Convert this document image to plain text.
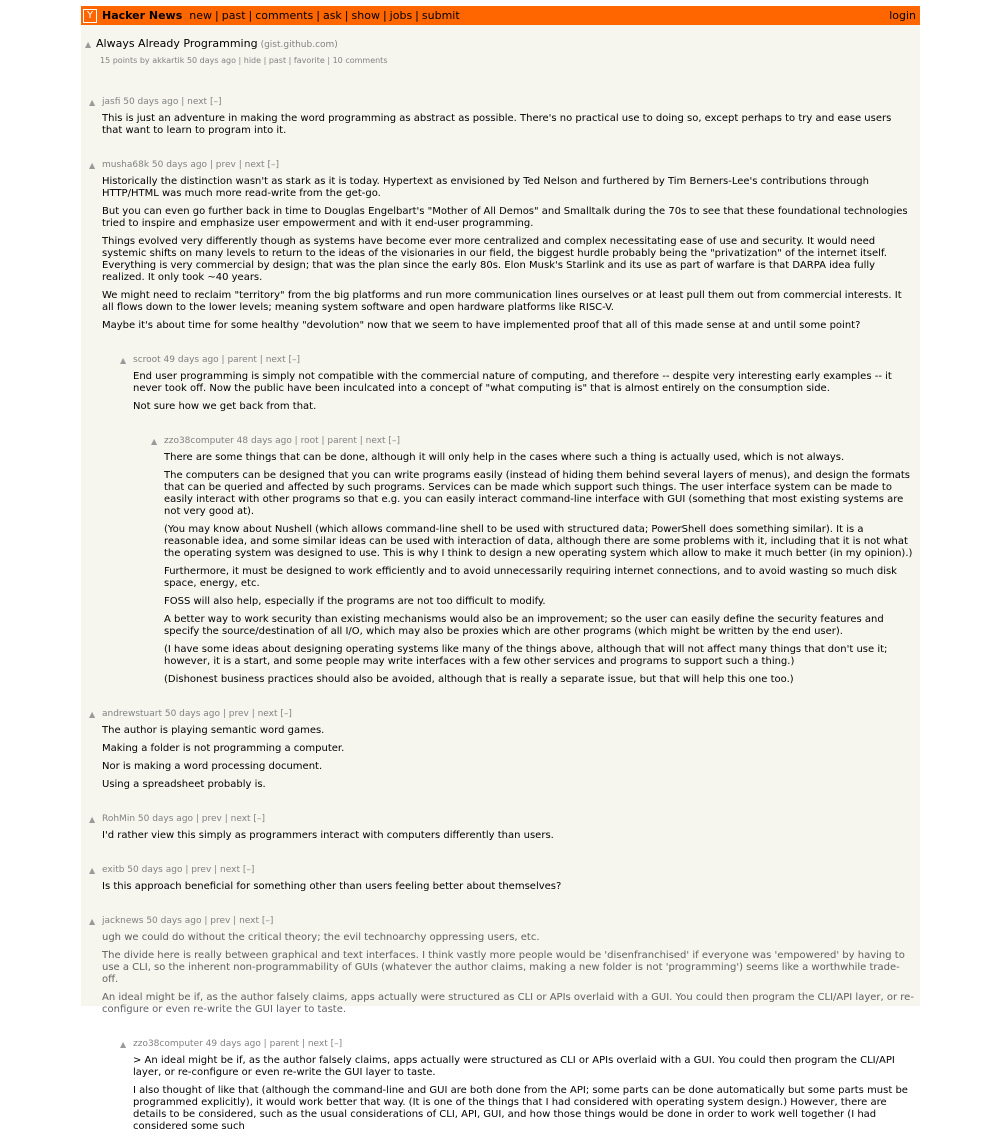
Y Hacker News new | past | comments | ask | show | jobs | submit	login
▲ Always Already Programming (gist.github.com)
15 points by akkartik 50 days ago | hide | past | favorite | 10 comments
▲ jasfi 50 days ago | next [–]

This is just an adventure in making the word programming as abstract as possible. There's no practical use to doing so, except perhaps to try and ease users that want to learn to program into it.

▲ musha68k 50 days ago | prev | next [–]

Historically the distinction wasn't as stark as it is today. Hypertext as envisioned by Ted Nelson and furthered by Tim Berners-Lee's contributions through HTTP/HTML was much more read-write from the get-go.

But you can even go further back in time to Douglas Engelbart's "Mother of All Demos" and Smalltalk during the 70s to see that these foundational technologies tried to inspire and emphasize user empowerment and with it end-user programming.

Things evolved very differently though as systems have become ever more centralized and complex necessitating ease of use and security. It would need systemic shifts on many levels to return to the ideas of the visionaries in our field, the biggest hurdle probably being the "privatization" of the internet itself. Everything is very commercial by design; that was the plan since the early 80s. Elon Musk's Starlink and its use as part of warfare is that DARPA idea fully realized. It only took ~40 years.

We might need to reclaim "territory" from the big platforms and run more communication lines ourselves or at least pull them out from commercial interests. It all flows down to the lower levels; meaning system software and open hardware platforms like RISC-V.

Maybe it's about time for some healthy "devolution" now that we seem to have implemented proof that all of this made sense at and until some point?

▲ scroot 49 days ago | parent | next [–]

End user programming is simply not compatible with the commercial nature of computing, and therefore -- despite very interesting early examples -- it never took off. Now the public have been inculcated into a concept of "what computing is" that is almost entirely on the consumption side.

Not sure how we get back from that.

▲ zzo38computer 48 days ago | root | parent | next [–]

There are some things that can be done, although it will only help in the cases where such a thing is actually used, which is not always.

The computers can be designed that you can write programs easily (instead of hiding them behind several layers of menus), and design the formats that can be queried and affected by such programs. Services can be made which support such things. The user interface system can be made to easily interact with other programs so that e.g. you can easily interact command-line interface with GUI (something that most existing systems are not very good at).

(You may know about Nushell (which allows command-line shell to be used with structured data; PowerShell does something similar). It is a reasonable idea, and some similar ideas can be used with interaction of data, although there are some problems with it, including that it is not what the operating system was designed to use. This is why I think to design a new operating system which allow to make it much better (in my opinion).)

Furthermore, it must be designed to work efficiently and to avoid unnecessarily requiring internet connections, and to avoid wasting so much disk space, energy, etc.

FOSS will also help, especially if the programs are not too difficult to modify.

A better way to work security than existing mechanisms would also be an improvement; so the user can easily define the security features and specify the source/destination of all I/O, which may also be proxies which are other programs (which might be written by the end user).

(I have some ideas about designing operating systems like many of the things above, although that will not affect many things that don't use it; however, it is a start, and some people may write interfaces with a few other services and programs to support such a thing.)

(Dishonest business practices should also be avoided, although that is really a separate issue, but that will help this one too.)

▲ andrewstuart 50 days ago | prev | next [–]

The author is playing semantic word games.

Making a folder is not programming a computer.

Nor is making a word processing document.

Using a spreadsheet probably is.

▲ RohMin 50 days ago | prev | next [–]

I'd rather view this simply as programmers interact with computers differently than users.

▲ exitb 50 days ago | prev | next [–]

Is this approach beneficial for something other than users feeling better about themselves?

▲ jacknews 50 days ago | prev | next [–]

ugh we could do without the critical theory; the evil technoarchy oppressing users, etc.

The divide here is really between graphical and text interfaces. I think vastly more people would be 'disenfranchised' if everyone was 'empowered' by having to use a CLI, so the inherent non-programmability of GUIs (whatever the author claims, making a new folder is not 'programming') seems like a worthwhile trade-off.

An ideal might be if, as the author falsely claims, apps actually were structured as CLI or APIs overlaid with a GUI. You could then program the CLI/API layer, or re-configure or even re-write the GUI layer to taste.

▲ zzo38computer 49 days ago | parent | next [–]

> An ideal might be if, as the author falsely claims, apps actually were structured as CLI or APIs overlaid with a GUI. You could then program the CLI/API layer, or re-configure or even re-write the GUI layer to taste.

I also thought of like that (although the command-line and GUI are both done from the API; some parts can be done automatically but some parts must be programmed explicitly), it would work better that way. (It is one of the things that I had considered with operating system design.) However, there are details to be considered, such as the usual considerations of CLI, API, GUI, and how those things would be done in order to work well together (I had considered some such
